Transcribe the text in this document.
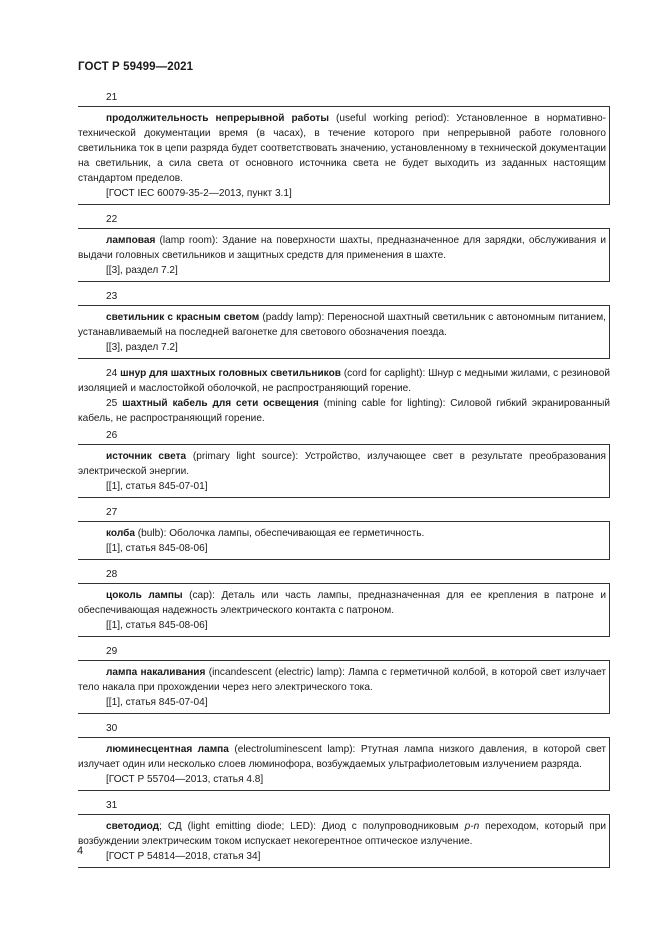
ГОСТ Р 59499—2021
21

продолжительность непрерывной работы (useful working period): Установленное в нормативно-технической документации время (в часах), в течение которого при непрерывной работе головного светильника ток в цепи разряда будет соответствовать значению, установленному в технической документации на светильник, а сила света от основного источника света не будет выходить из заданных настоящим стандартом пределов.

[ГОСТ IEC 60079-35-2—2013, пункт 3.1]

22

ламповая (lamp room): Здание на поверхности шахты, предназначенное для зарядки, обслуживания и выдачи головных светильников и защитных средств для применения в шахте.

[[3], раздел 7.2]

23

светильник с красным светом (paddy lamp): Переносной шахтный светильник с автономным питанием, устанавливаемый на последней вагонетке для светового обозначения поезда.

[[3], раздел 7.2]

24 шнур для шахтных головных светильников (cord for caplight): Шнур с медными жилами, с резиновой изоляцией и маслостойкой оболочкой, не распространяющий горение.

25 шахтный кабель для сети освещения (mining cable for lighting): Силовой гибкий экранированный кабель, не распространяющий горение.

26

источник света (primary light source): Устройство, излучающее свет в результате преобразования электрической энергии.

[[1], статья 845-07-01]

27

колба (bulb): Оболочка лампы, обеспечивающая ее герметичность.

[[1], статья 845-08-06]

28

цоколь лампы (cap): Деталь или часть лампы, предназначенная для ее крепления в патроне и обеспечивающая надежность электрического контакта с патроном.

[[1], статья 845-08-06]

29

лампа накаливания (incandescent (electric) lamp): Лампа с герметичной колбой, в которой свет излучает тело накала при прохождении через него электрического тока.

[[1], статья 845-07-04]

30

люминесцентная лампа (electroluminescent lamp): Ртутная лампа низкого давления, в которой свет излучает один или несколько слоев люминофора, возбуждаемых ультрафиолетовым излучением разряда.

[ГОСТ Р 55704—2013, статья 4.8]

31

светодиод; СД (light emitting diode; LED): Диод с полупроводниковым p-n переходом, который при возбуждении электрическим током испускает некогерентное оптическое излучение.

[ГОСТ Р 54814—2018, статья 34]

4
